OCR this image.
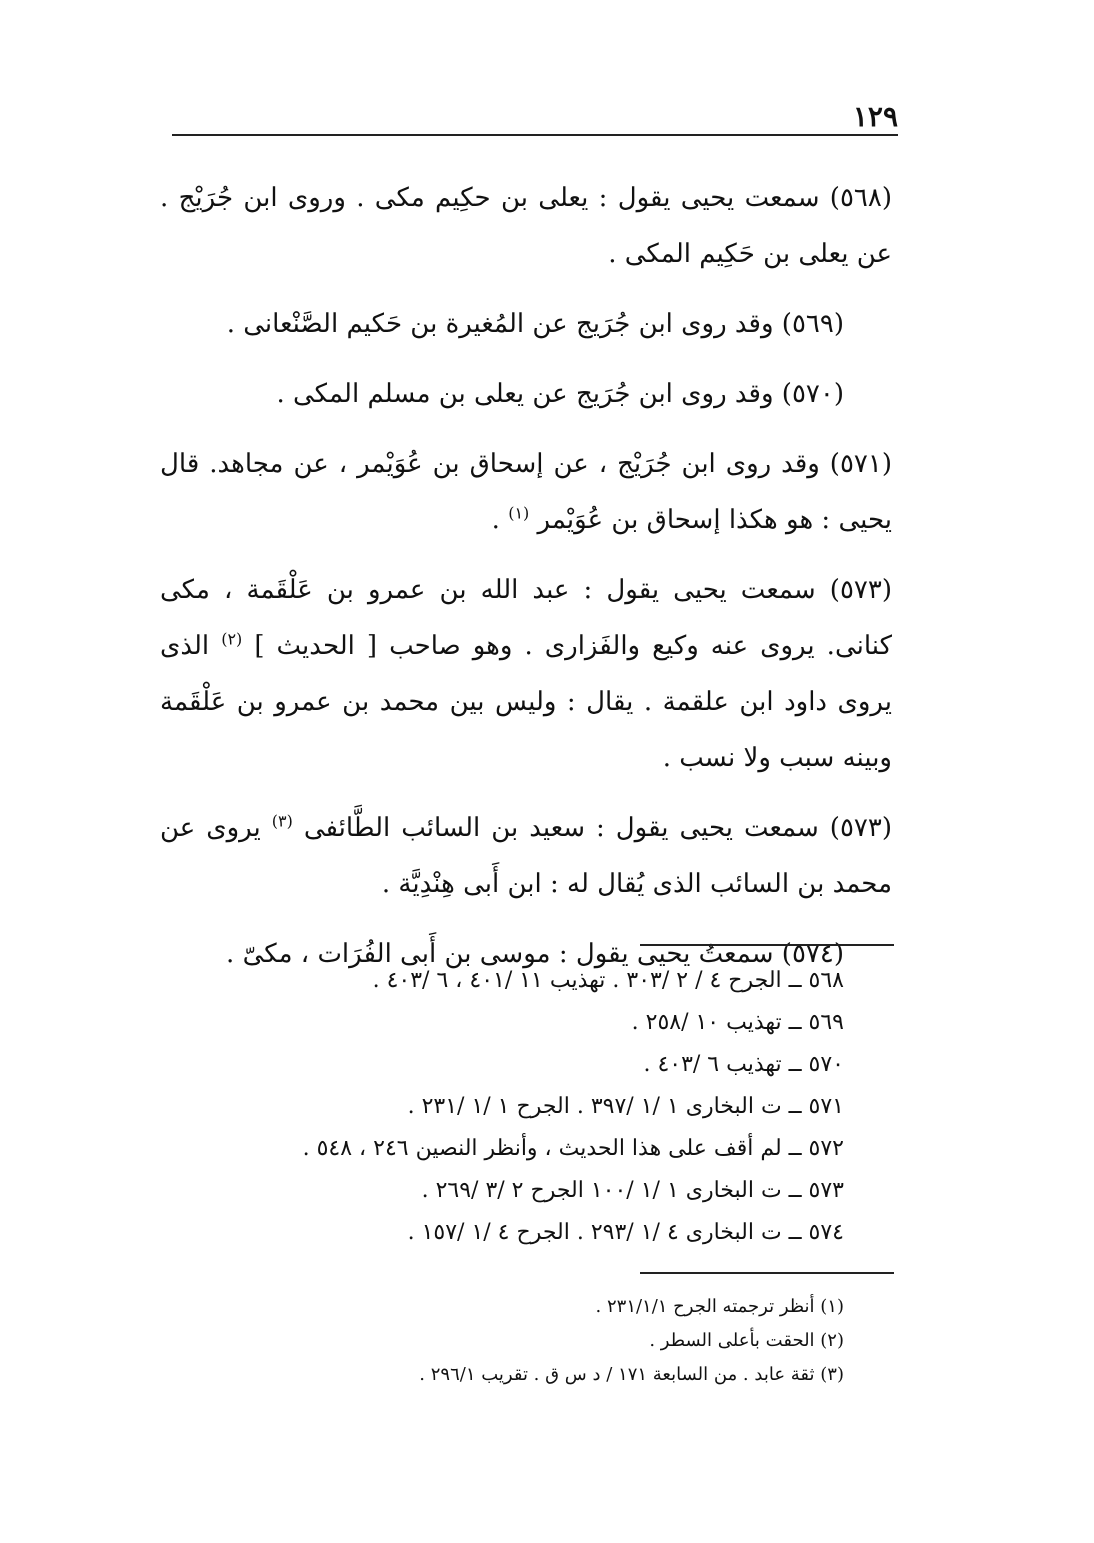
١٢٩

(٥٦٨) سمعت يحيى يقول : يعلى بن حكِيم مكى . وروى ابن جُرَيْج . عن يعلى بن حَكِيم المكى .

(٥٦٩) وقد روى ابن جُرَيج عن المُغيرة بن حَكيم الصَّنْعانى .

(٥٧٠) وقد روى ابن جُرَيج عن يعلى بن مسلم المكى .

(٥٧١) وقد روى ابن جُرَيْج ، عن إسحاق بن عُوَيْمر ، عن مجاهد. قال يحيى : هو هكذا إسحاق بن عُوَيْمر $^{(١)}$ .

(٥٧٣) سمعت يحيى يقول : عبد الله بن عمرو بن عَلْقَمة ، مكى كنانى. يروى عنه وكيع والفَزارى . وهو صاحب [ الحديث ] $^{(٢)}$ الذى يروى داود ابن علقمة . يقال : وليس بين محمد بن عمرو بن عَلْقَمة وبينه سبب ولا نسب .

(٥٧٣) سمعت يحيى يقول : سعيد بن السائب الطَّائفى $^{(٣)}$ يروى عن محمد بن السائب الذى يُقال له : ابن أَبى هِنْدِيَّة .

(٥٧٤) سمعتُ يحيى يقول : موسى بن أَبى الفُرَات ، مكىّ .

٥٦٨ ــ الجرح ٤ / ٢ /٣٠٣ . تهذيب ١١ /٤٠١ ، ٦ /٤٠٣ .
٥٦٩ ــ تهذيب ١٠ /٢٥٨ .
٥٧٠ ــ تهذيب ٦ /٤٠٣ .
٥٧١ ــ ت البخارى ١ /١ /٣٩٧ . الجرح ١ /١ /٢٣١ .
٥٧٢ ــ لم أقف على هذا الحديث ، وأنظر النصين ٢٤٦ ، ٥٤٨ .
٥٧٣ ــ ت البخارى ١ /١ /١٠٠ الجرح ٢ /٣ /٢٦٩ .
٥٧٤ ــ ت البخارى ٤ /١ /٢٩٣ . الجرح ٤ /١ /١٥٧ .
(١) أنظر ترجمته الجرح ٢٣١/١/١ .
(٢) الحقت بأعلى السطر .
(٣) ثقة عابد . من السابعة ١٧١ / د س ق . تقريب ٢٩٦/١ .
